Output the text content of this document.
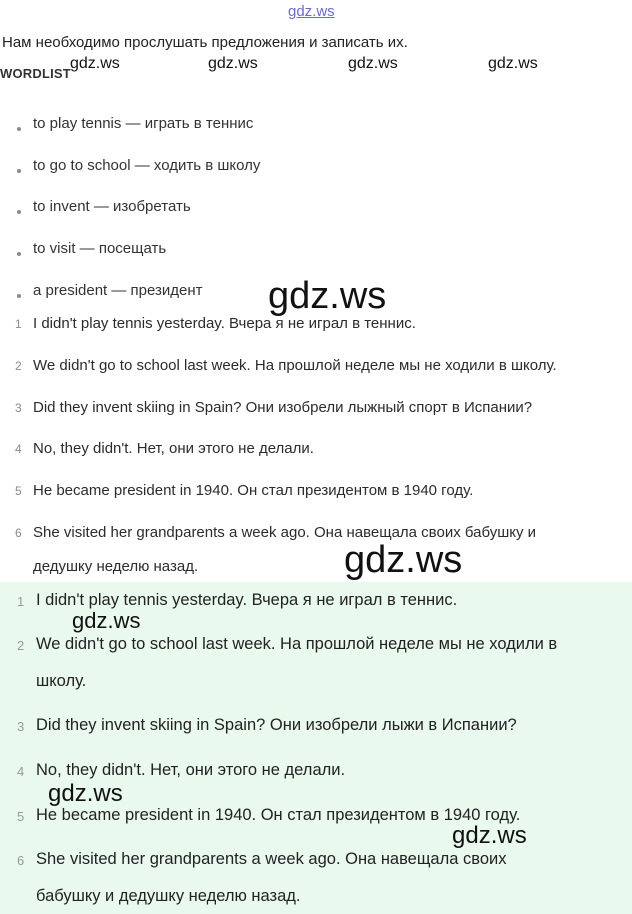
gdz.ws
Нам необходимо прослушать предложения и записать их.
WORDLIST
gdz.ws	gdz.ws	gdz.ws	gdz.ws
to play tennis — играть в теннис
to go to school — ходить в школу
to invent — изобретать
to visit — посещать
a president — президент gdz.ws
1 I didn't play tennis yesterday. Вчера я не играл в теннис.
2 We didn't go to school last week. На прошлой неделе мы не ходили в школу.
3 Did they invent skiing in Spain? Они изобрели лыжный спорт в Испании?
4 No, they didn't. Нет, они этого не делали.
5 He became president in 1940. Он стал президентом в 1940 году.
6 She visited her grandparents a week ago. Она навещала своих бабушку и
дедушку неделю назад.	gdz.ws
1 I didn't play tennis yesterday. Вчера я не играл в теннис.
2 We didn't go to school last week. На прошлой неделе мы не ходили в
школу.
3 Did they invent skiing in Spain? Они изобрели лыжи в Испании?
4 No, they didn't. Нет, они этого не делали.
5 He became president in 1940. Он стал президентом в 1940 году.
6 She visited her grandparents a week ago. Она навещала своих
бабушку и дедушку неделю назад.
gdz.ws
gdz.ws
gdz.ws
